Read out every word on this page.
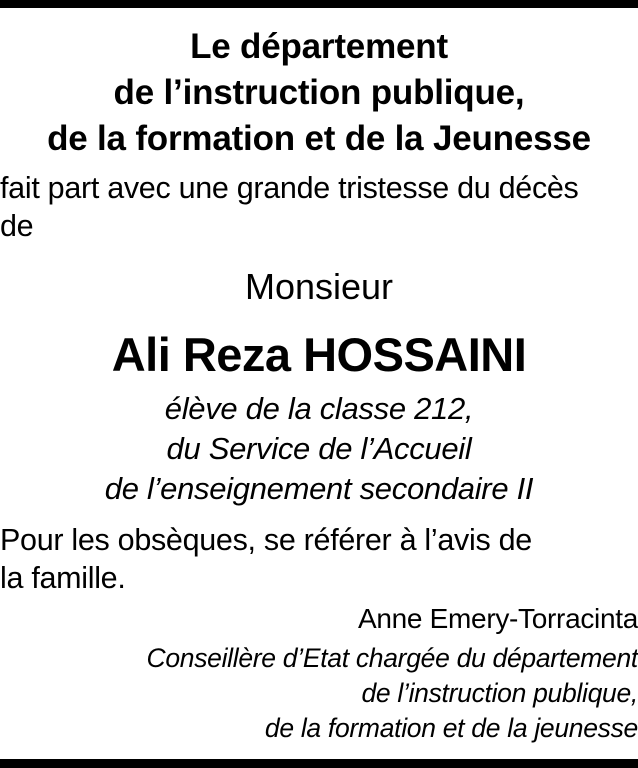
Le département

de l’instruction publique,

de la formation et de la Jeunesse

fait part avec une grande tristesse du décès

de

Monsieur

Ali Reza HOSSAINI

élève de la classe 212,

du Service de l’Accueil

de l’enseignement secondaire II

Pour les obsèques, se référer à l’avis de

la famille.

Anne Emery-Torracinta

Conseillère d’Etat chargée du département

de l’instruction publique,

de la formation et de la jeunesse
